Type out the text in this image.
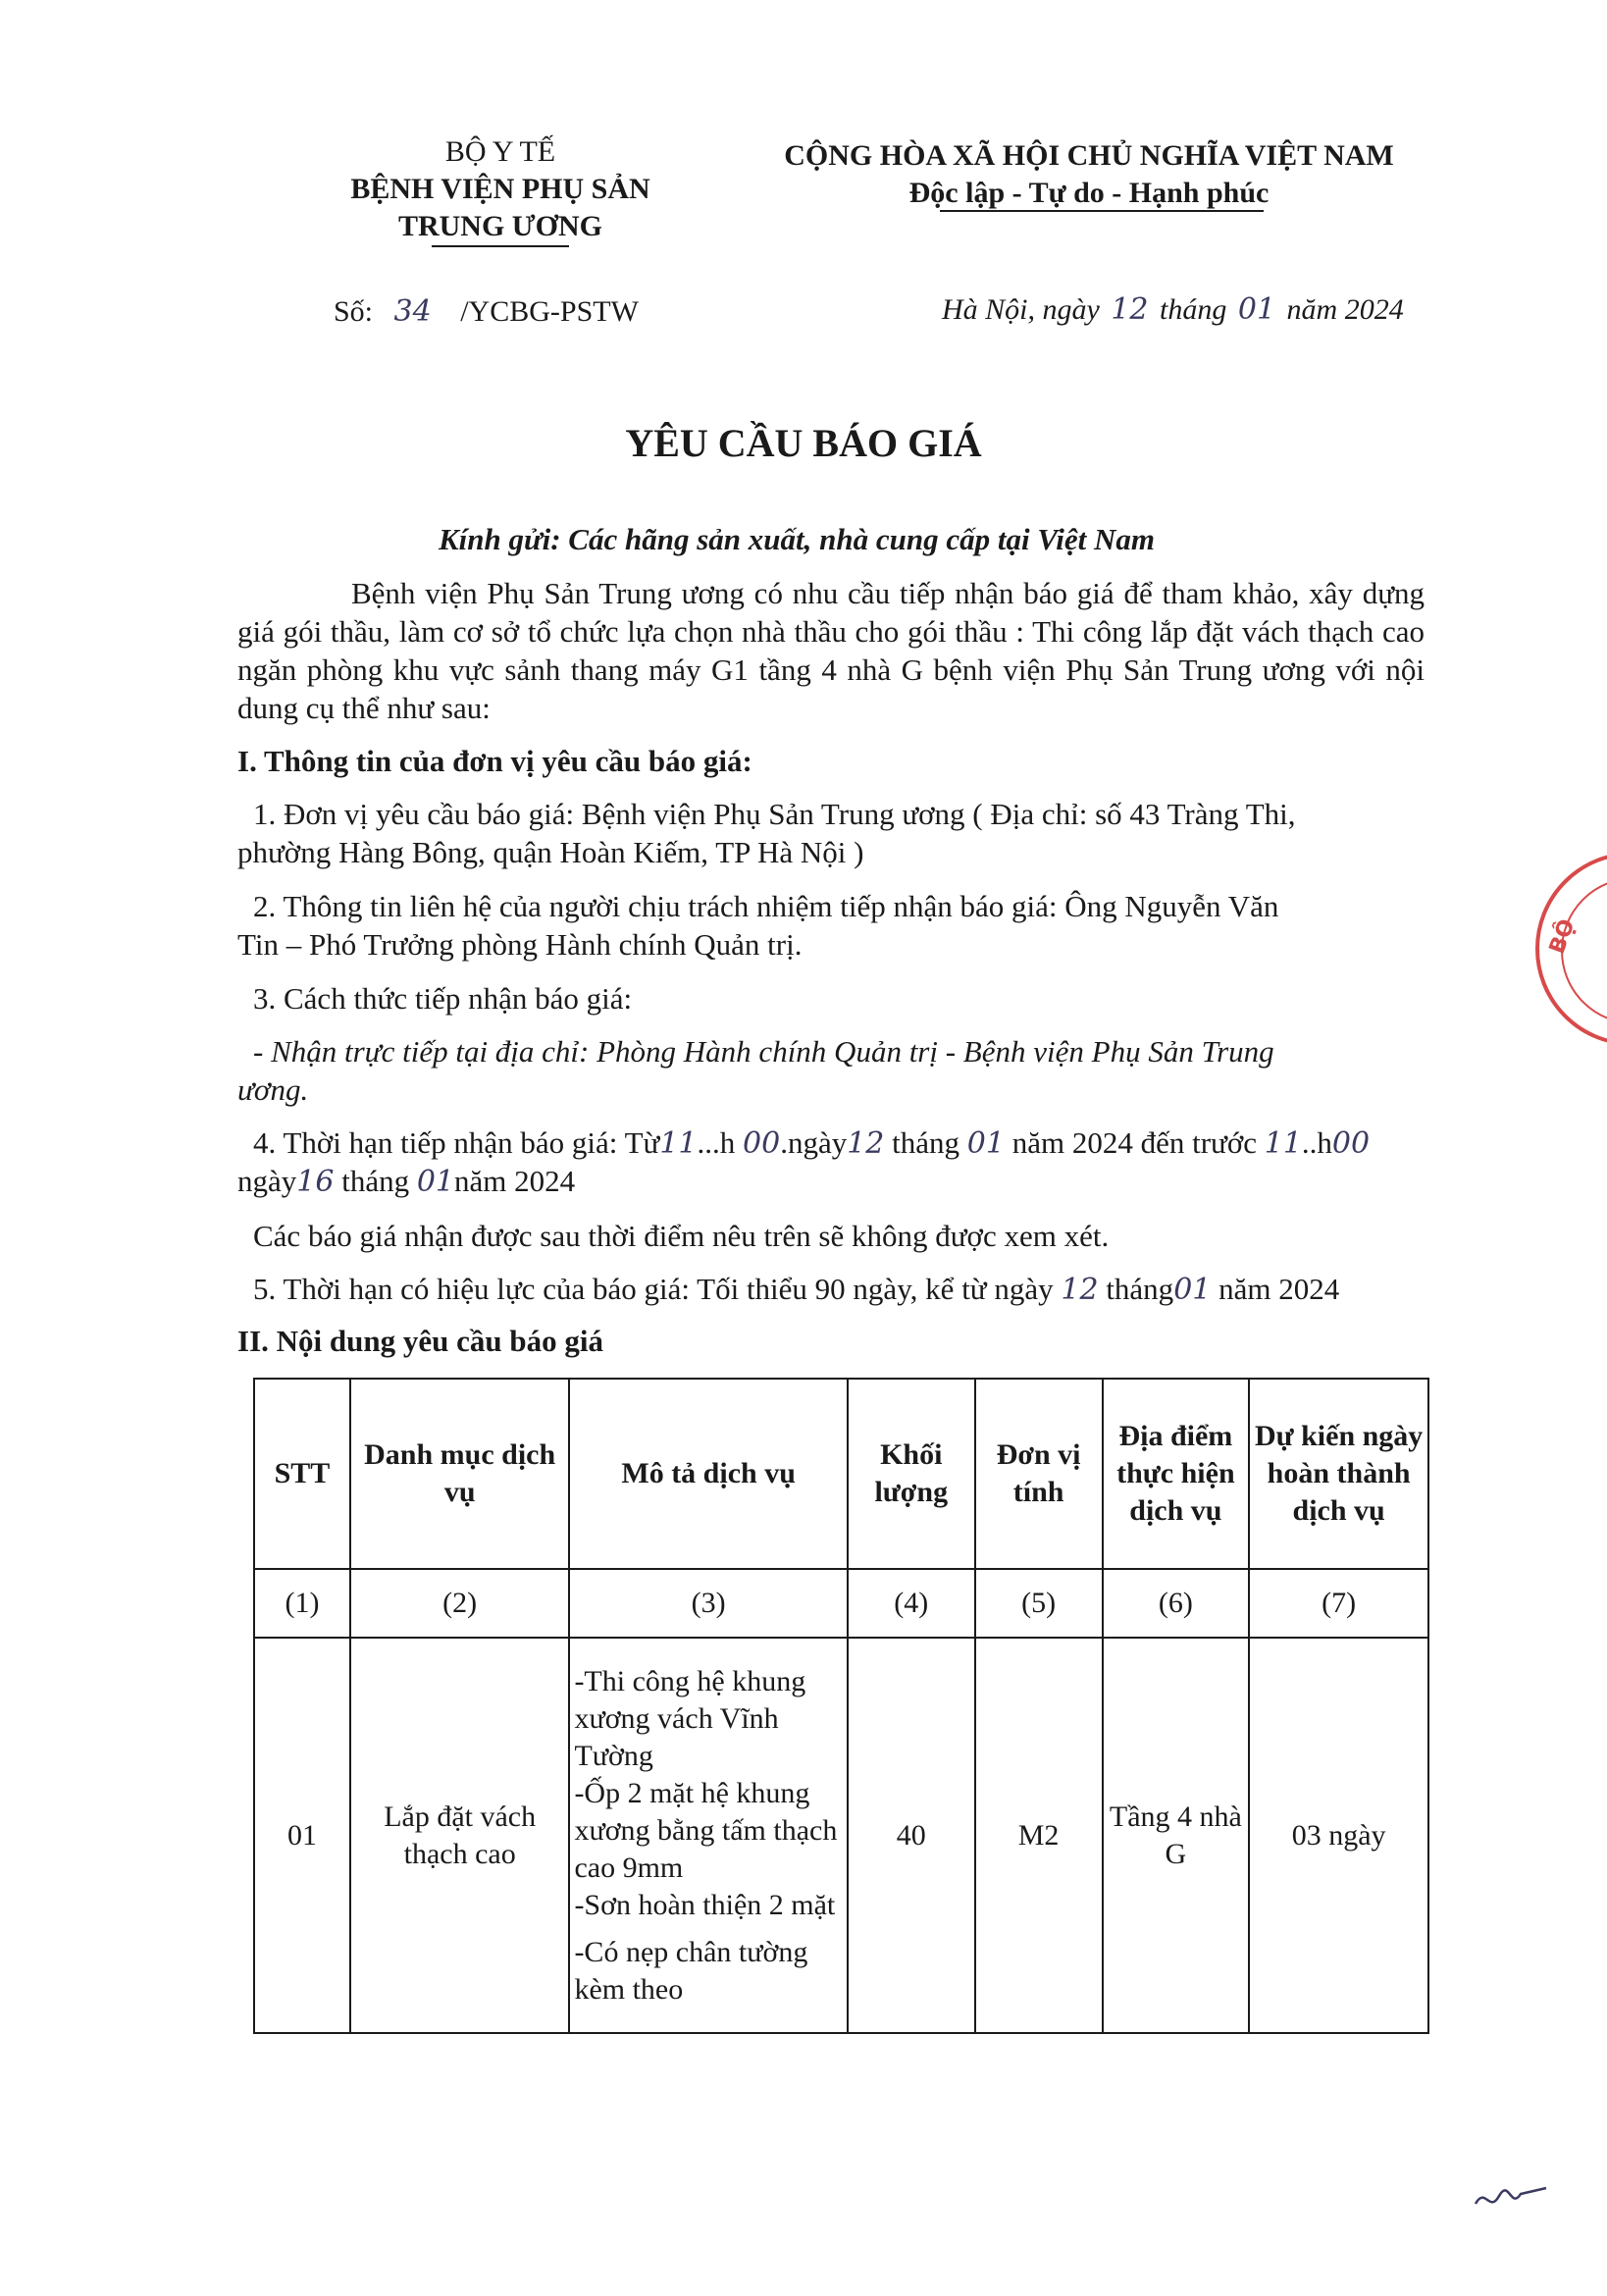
BỘ Y TẾ
BỆNH VIỆN PHỤ SẢN
TRUNG ƯƠNG
Số: 34 /YCBG-PSTW
CỘNG HÒA XÃ HỘI CHỦ NGHĨA VIỆT NAM
Độc lập - Tự do - Hạnh phúc
Hà Nội, ngày 12 tháng 01 năm 2024
YÊU CẦU BÁO GIÁ
Kính gửi: Các hãng sản xuất, nhà cung cấp tại Việt Nam
Bệnh viện Phụ Sản Trung ương có nhu cầu tiếp nhận báo giá để tham khảo, xây dựng giá gói thầu, làm cơ sở tổ chức lựa chọn nhà thầu cho gói thầu : Thi công lắp đặt vách thạch cao ngăn phòng khu vực sảnh thang máy G1 tầng 4 nhà G bệnh viện Phụ Sản Trung ương với nội dung cụ thể như sau:
I. Thông tin của đơn vị yêu cầu báo giá:
1. Đơn vị yêu cầu báo giá: Bệnh viện Phụ Sản Trung ương ( Địa chỉ: số 43 Tràng Thi,
phường Hàng Bông, quận Hoàn Kiếm, TP Hà Nội )
2. Thông tin liên hệ của người chịu trách nhiệm tiếp nhận báo giá: Ông Nguyễn Văn
Tin – Phó Trưởng phòng Hành chính Quản trị.
3. Cách thức tiếp nhận báo giá:
- Nhận trực tiếp tại địa chỉ: Phòng Hành chính Quản trị - Bệnh viện Phụ Sản Trung
ương.
4. Thời hạn tiếp nhận báo giá: Từ11...h 00.ngày12 tháng 01 năm 2024 đến trước 11..h00
ngày16 tháng 01năm 2024
Các báo giá nhận được sau thời điểm nêu trên sẽ không được xem xét.
5. Thời hạn có hiệu lực của báo giá: Tối thiểu 90 ngày, kể từ ngày 12 tháng01 năm 2024
II. Nội dung yêu cầu báo giá
STT	Danh mục dịch vụ	Mô tả dịch vụ	Khối lượng	Đơn vị tính	Địa điểm thực hiện dịch vụ	Dự kiến ngày hoàn thành dịch vụ
(1)	(2)	(3)	(4)	(5)	(6)	(7)
01	Lắp đặt vách thạch cao	-Thi công hệ khung xương vách Vĩnh Tường
-Ốp 2 mặt hệ khung xương bằng tấm thạch cao 9mm
-Sơn hoàn thiện 2 mặt
-Có nẹp chân tường kèm theo	40	M2	Tầng 4 nhà G	03 ngày
BỘ
